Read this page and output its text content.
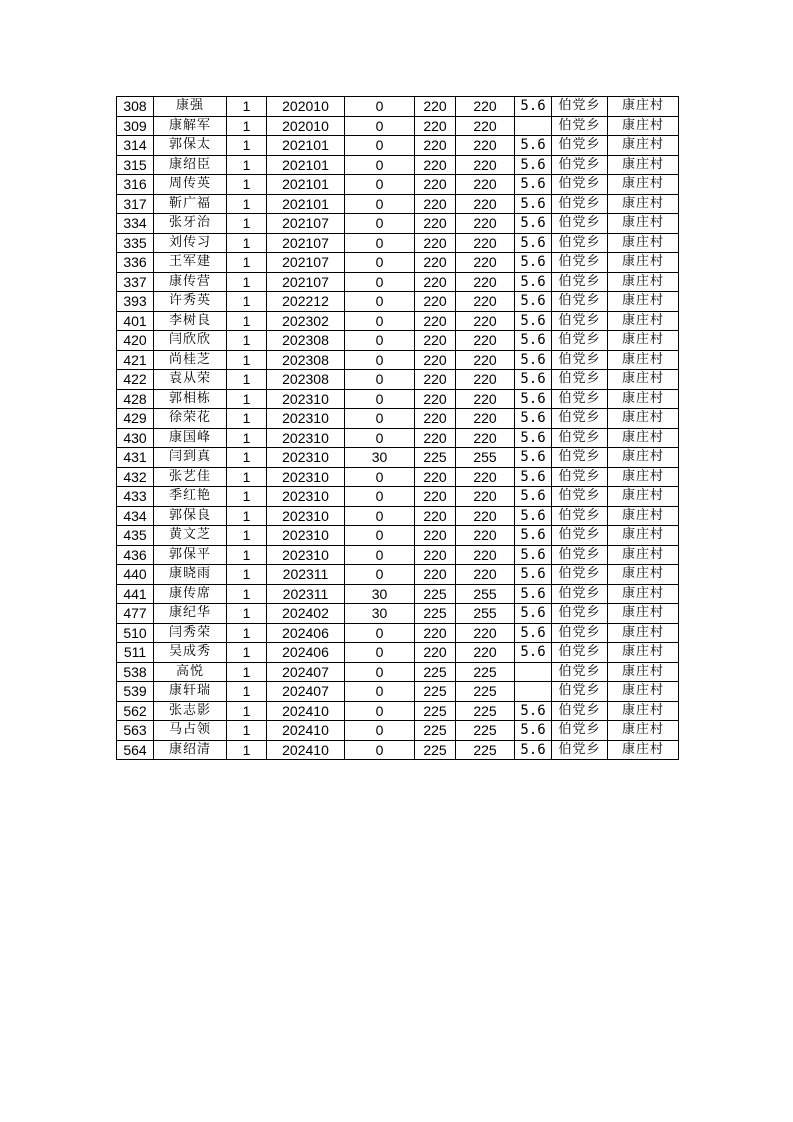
308	康强	1	202010	0	220	220	5.6	伯党乡	康庄村
309	康解军	1	202010	0	220	220		伯党乡	康庄村
314	郭保太	1	202101	0	220	220	5.6	伯党乡	康庄村
315	康绍臣	1	202101	0	220	220	5.6	伯党乡	康庄村
316	周传英	1	202101	0	220	220	5.6	伯党乡	康庄村
317	靳广福	1	202101	0	220	220	5.6	伯党乡	康庄村
334	张牙治	1	202107	0	220	220	5.6	伯党乡	康庄村
335	刘传习	1	202107	0	220	220	5.6	伯党乡	康庄村
336	王军建	1	202107	0	220	220	5.6	伯党乡	康庄村
337	康传营	1	202107	0	220	220	5.6	伯党乡	康庄村
393	许秀英	1	202212	0	220	220	5.6	伯党乡	康庄村
401	李树良	1	202302	0	220	220	5.6	伯党乡	康庄村
420	闫欣欣	1	202308	0	220	220	5.6	伯党乡	康庄村
421	尚桂芝	1	202308	0	220	220	5.6	伯党乡	康庄村
422	袁从荣	1	202308	0	220	220	5.6	伯党乡	康庄村
428	郭相栋	1	202310	0	220	220	5.6	伯党乡	康庄村
429	徐荣花	1	202310	0	220	220	5.6	伯党乡	康庄村
430	康国峰	1	202310	0	220	220	5.6	伯党乡	康庄村
431	闫到真	1	202310	30	225	255	5.6	伯党乡	康庄村
432	张艺佳	1	202310	0	220	220	5.6	伯党乡	康庄村
433	季红艳	1	202310	0	220	220	5.6	伯党乡	康庄村
434	郭保良	1	202310	0	220	220	5.6	伯党乡	康庄村
435	黄文芝	1	202310	0	220	220	5.6	伯党乡	康庄村
436	郭保平	1	202310	0	220	220	5.6	伯党乡	康庄村
440	康晓雨	1	202311	0	220	220	5.6	伯党乡	康庄村
441	康传席	1	202311	30	225	255	5.6	伯党乡	康庄村
477	康纪华	1	202402	30	225	255	5.6	伯党乡	康庄村
510	闫秀荣	1	202406	0	220	220	5.6	伯党乡	康庄村
511	吴成秀	1	202406	0	220	220	5.6	伯党乡	康庄村
538	高悦	1	202407	0	225	225		伯党乡	康庄村
539	康轩瑞	1	202407	0	225	225		伯党乡	康庄村
562	张志影	1	202410	0	225	225	5.6	伯党乡	康庄村
563	马占领	1	202410	0	225	225	5.6	伯党乡	康庄村
564	康绍清	1	202410	0	225	225	5.6	伯党乡	康庄村
